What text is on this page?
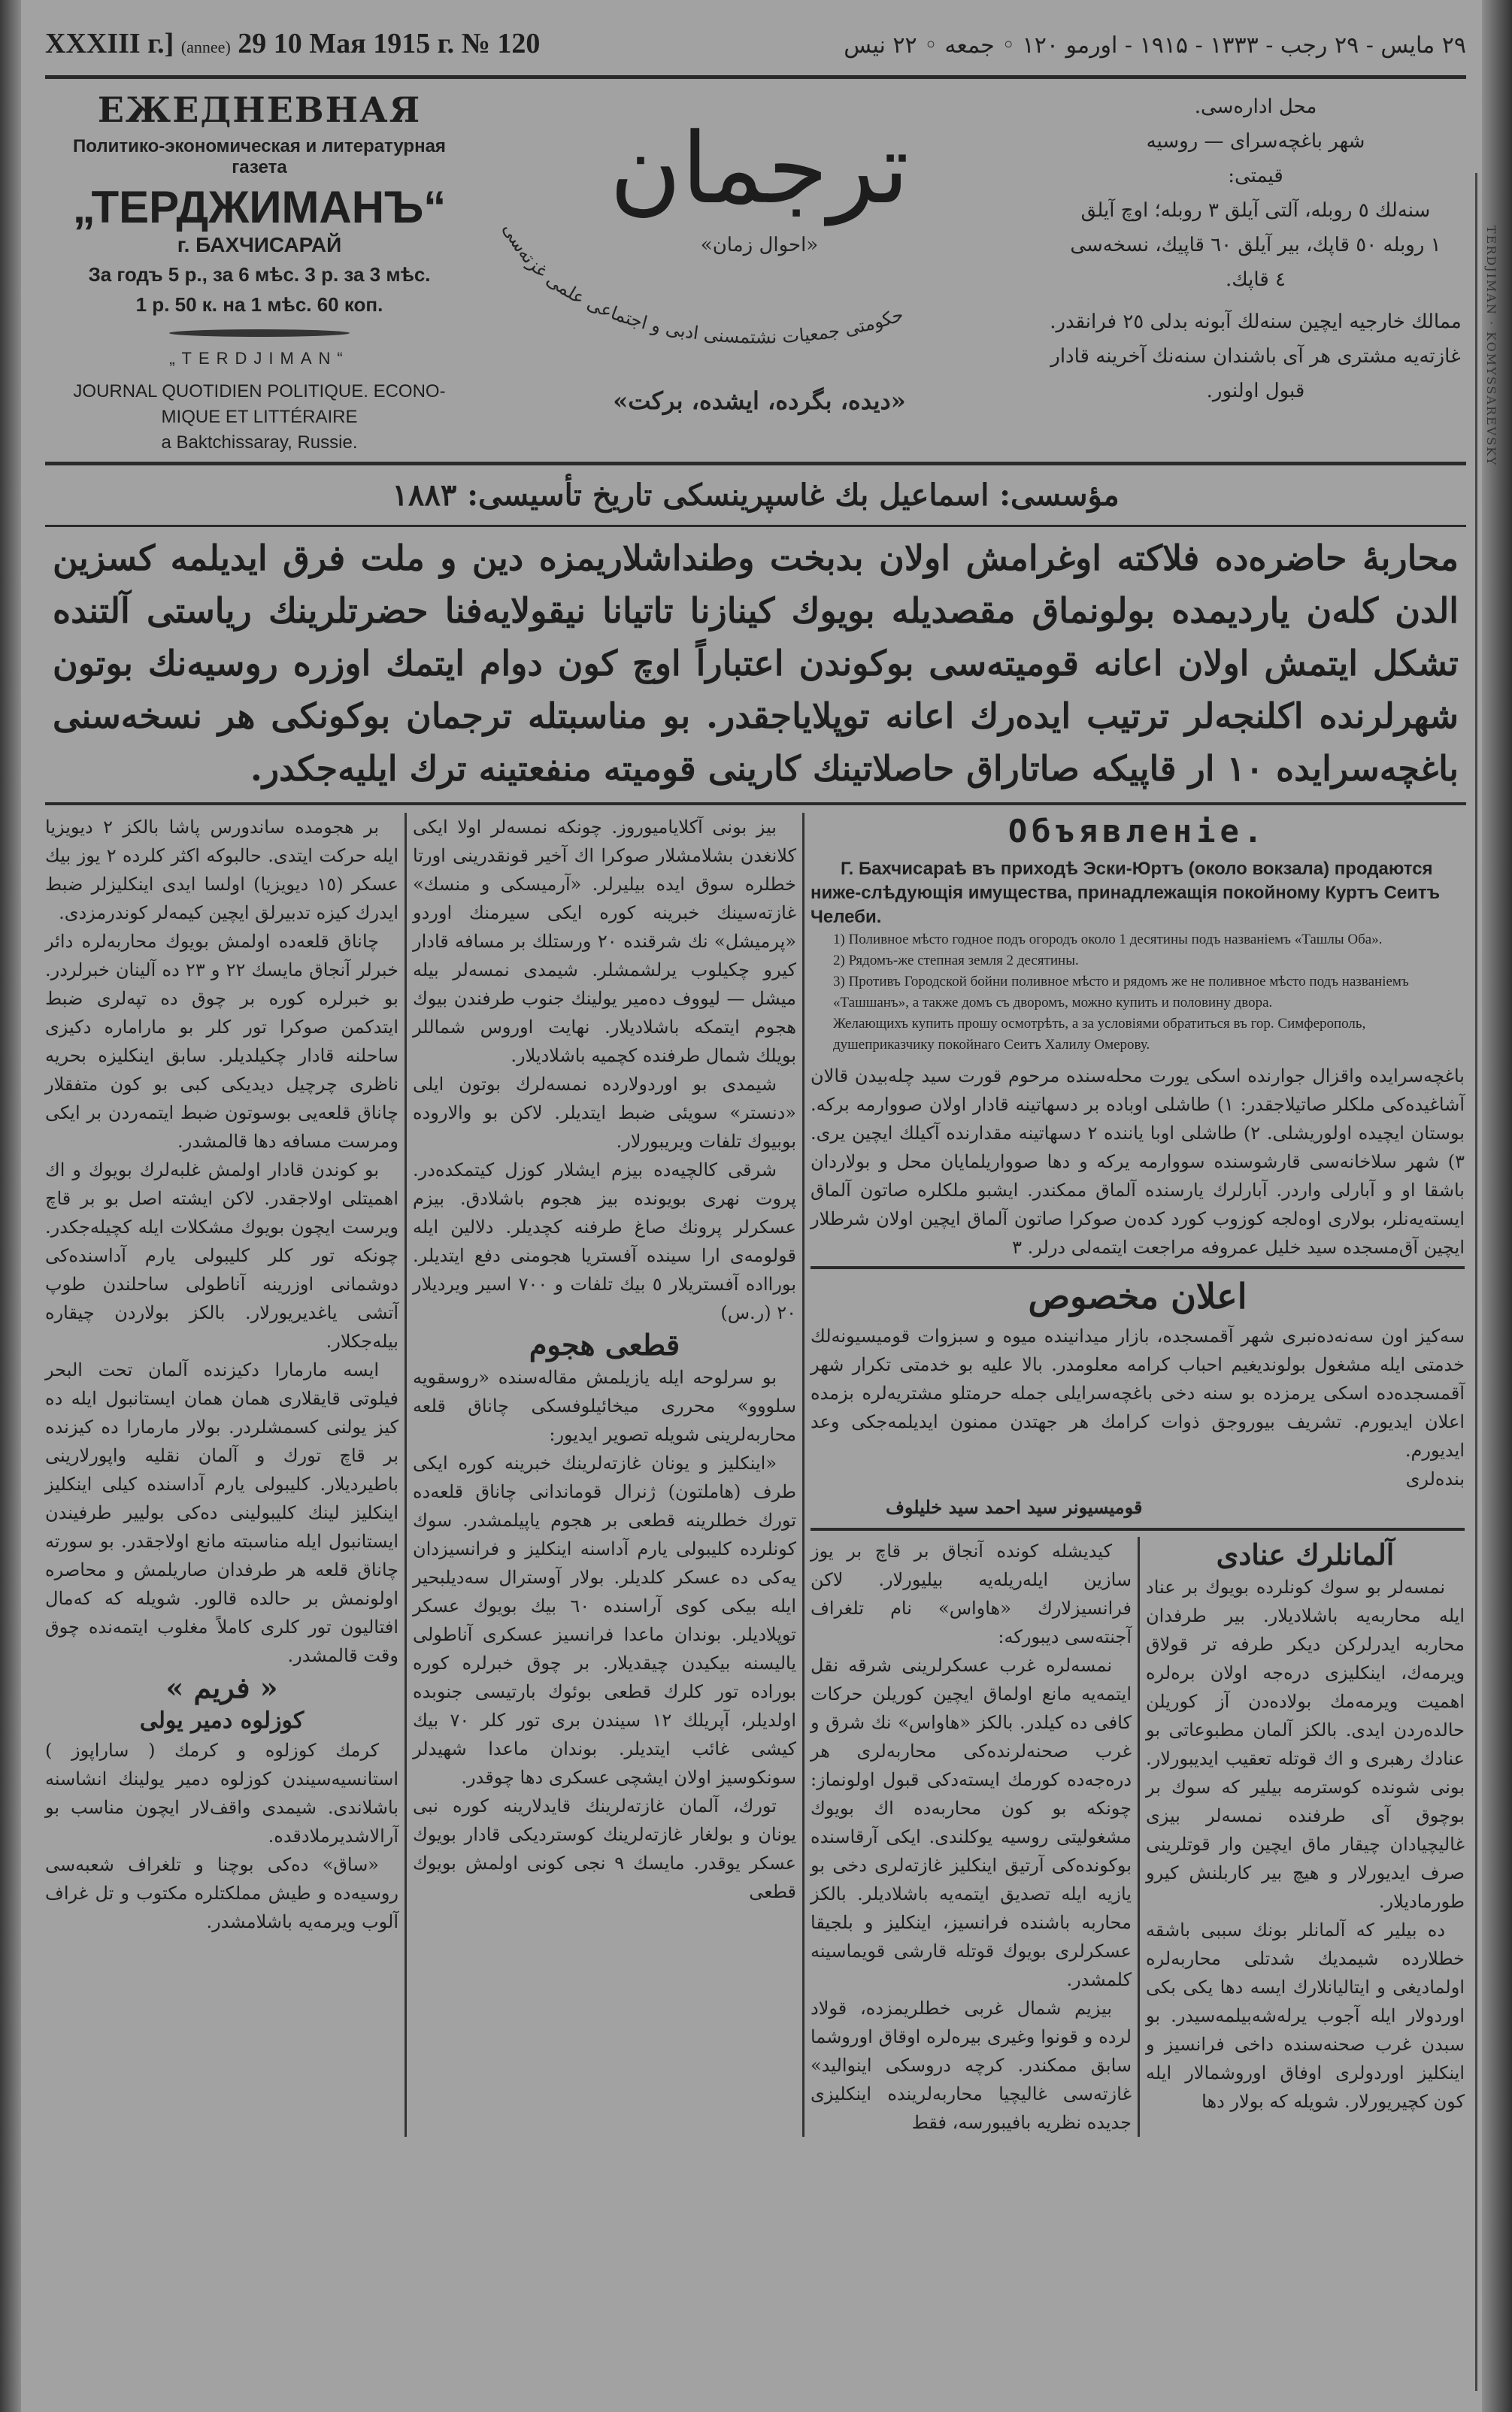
TERDJIMAN · KOMYSSAREVSKY
XXXIII г.] (annee) 29 10 Мая 1915 г. № 120	۲۹ مايس - ۲۹ رجب - ۱۳۳۳ - ۱۹۱۵ - اورمو ۱۲۰ ◦ جمعه ◦ ۲۲ نيس
ЕЖЕДНЕВНАЯ
Политико-экономическая и литературная газета
„ТЕРДЖИМАНЪ“
г. БАХЧИСАРАЙ
За годъ 5 р., за 6 мѣс. 3 р. за 3 мѣс.
1 р. 50 к. на 1 мѣс. 60 коп.
„TERDJIMAN“
JOURNAL QUOTIDIEN POLITIQUE. ECONO-
MIQUE ET LITTÉRAIRE
a Baktchissaray, Russie.
ترجمان
«احوال زمان»
حكومتی جمعیات نشتمسنی ادبی و اجتماعی علمی غزته‌سی
«ديده، بگرده، ايشده، بركت»
محل اداره‌سی.
شهر باغچه‌سرای — روسيه
قيمتی:
سنه‌لك ٥ روبله، آلتی آيلق ٣ روبله؛ اوچ آيلق
١ روبله ٥٠ قاپك، بير آيلق ٦٠ قاپيك، نسخه‌سی
٤ قاپك.
ممالك خارجيه ايچين سنه‌لك آبونه بدلی ٢٥ فرانقدر.
غازته‌يه مشتری هر آی باشندان سنه‌نك آخرينه قادار
قبول اولنور.
مؤسسی: اسماعيل بك غاسپرينسكی تاريخ تأسيسی: ١٨٨٣
محاربهٔ حاضره‌ده فلاكته اوغرامش اولان بدبخت وطنداشلاريمزه دين و ملت فرق ايديلمه كسزين الدن كله‌ن ياردیمده بولونماق مقصديله بويوك كينازنا تاتيانا نيقولايه‌فنا حضرتلرينك رياستی آلتنده تشكل ايتمش اولان اعانه قوميته‌سی بوكوندن اعتباراً اوچ كون دوام ايتمك اوزره روسيه‌نك بوتون شهرلرنده اكلنجه‌لر ترتيب ايده‌رك اعانه توپلاياجقدر. بو مناسبتله ترجمان بوكونكی هر نسخه‌سنی باغچه‌سرايده ١٠ ار قاپيكه صاتاراق حاصلاتينك كارينی قوميته منفعتينه ترك ايليه‌جكدر.

بر هجومده ساندورس پاشا بالكز ٢ ديويزيا ايله حركت ايتدی. حالبوكه اكثر كلرده ٢ يوز بيك عسكر (١٥ ديويزيا) اولسا ايدی اينكليزلر ضبط ايدرك كيزه تدبيرلق ايچين كيمه‌لر كوندرمزدی.

چاناق قلعه‌ده اولمش بويوك محاربه‌لره دائر خبرلر آنجاق مايسك ٢٢ و ٢٣ ده آلينان خبرلردر. بو خبرلره كوره بر چوق ده تپه‌لری ضبط ايتدكمن صوكرا تور كلر بو ماراماره دكيزی ساحلنه قادار چكيلديلر. سابق اينكليزه بحريه ناظری چرچيل ديديكی كبی بو كون متفقلار چاناق قلعه‌يی بوسوتون ضبط ايتمه‌ردن بر ايكی ومرست مسافه دها قالمشدر.

بو كوندن قادار اولمش غلبه‌لرك بويوك و اك اهميتلی اولاجقدر. لاكن ايشته اصل بو بر قاچ ويرست ايچون بويوك مشكلات ايله كچيله‌جكدر. چونكه تور كلر كليبولی يارم آداسنده‌كی دوشمانی اوزرينه آناطولی ساحلندن طوپ آتشی ياغديريورلار. بالكز بولاردن چيقاره بيله‌جكلار.

ايسه مارمارا دكيزنده آلمان تحت البحر فيلوتی قايقلاری همان همان ايستانبول ايله ده كيز يولنی كسمشلردر. بولار مارمارا ده كيزنده بر قاچ تورك و آلمان نقليه واپورلارينی باطيرديلار. كليبولی يارم آداسنده كيلی اينكليز اينكليز لينك كليبولينی ده‌كی بوليير طرفيندن ايستانبول ايله مناسبته مانع اولاجقدر. بو سورته چاناق قلعه هر طرفدان صاريلمش و محاصره اولونمش بر حالده قالور. شويله كه كه‌مال افتاليون تور كلری كاملاً مغلوب ايتمه‌نده چوق وقت قالمشدر.

« فريم »

كوزلوه دمير يولی

كرمك كوزلوه و كرمك ( ساراپوز ) استانسيه‌سيندن كوزلوه دمير يولينك انشاسنه باشلاندی. شيمدی واقف‌لار ايچون مناسب بو آرالاشديرملادقده.

«ساق» ده‌كی بوچنا و تلغراف شعبه‌سی روسيه‌ده و طيش مملكتلره مكتوب و تل غراف آلوب ويرمه‌يه باشلامشدر.

بيز بونی آكلاياميوروز. چونكه نمسه‌لر اولا ايكی كلانغدن بشلامشلار صوكرا اك آخير قونقدرينی اورتا خطلره سوق ايده بيليرلر. «آرميسكی و منسك» غازته‌سينك خبرينه كوره ايكی سيرمنك اوردو «پرميشل» نك شرقنده ٢٠ ورستلك بر مسافه قادار كيرو چكيلوب يرلشمشلر. شيمدی نمسه‌لر بيله ميشل — ليووف ده‌مير يولينك جنوب طرفندن بيوك هجوم ايتمكه باشلاديلار. نهايت اوروس شماللر بويلك شمال طرفنده كچميه باشلاديلار.

شيمدی بو اوردولارده نمسه‌لرك بوتون ايلی «دنستر» سويئی ضبط ايتديلر. لاكن بو والاروده بوبيوك تلفات ويريبورلار.

شرقی كالچيه‌ده بيزم ايشلار كوزل كيتمكده‌در. پروت نهری بويونده بيز هجوم باشلادق. بيزم عسكرلر پرونك صاغ طرفنه كچديلر. دلالين ايله قولومه‌ی ارا سينده آفستريا هجومنی دفع ايتديلر. بورااده آفستريلار ٥ بيك تلفات و ٧٠٠ اسير ويرديلار ٢٠ (ر.س)

قطعی هجوم

بو سرلوحه ايله يازيلمش مقاله‌سنده «روسقويه سلووو» محرری ميخائيلوفسكی چاناق قلعه محاربه‌لرينی شويله تصوير ايديور:

«اينكليز و يونان غازته‌لرينك خبرينه كوره ايكی طرف (هاملتون) ژنرال قوماندانی چاناق قلعه‌ده تورك خطلرينه قطعی بر هجوم ياپيلمشدر. سوك كونلرده كليبولی يارم آداسنه اينكليز و فرانسيزدان يه‌كی ده عسكر كلديلر. بولار آوسترال سه‌ديلبحير ايله بيكی كوی آراسنده ٦٠ بيك بويوك عسكر توپلاديلر. بوندان ماعدا فرانسيز عسكری آناطولی ياليسنه بيكيدن چيقديلار. بر چوق خبرلره كوره بوراده تور كلرك قطعی بوئوك بارتيسی جنوبده اولديلر، آپريلك ١٢ سيندن بری تور كلر ٧٠ بيك كيشی غائب ايتديلر. بوندان ماعدا شهيدلر سونكوسيز اولان ايشچی عسكری دها چوقدر.

تورك، آلمان غازته‌لرينك قايدلارينه كوره نبی يونان و بولغار غازته‌لرينك كوسترديكی قادار بويوك عسكر يوقدر. مايسك ٩ نجی كونی اولمش بويوك قطعی

Объявленіе.
Г. Бахчисараѣ въ приходѣ Эски-Юртъ (около вокзала) продаются ниже-слѣдующія имущества, принадлежащія покойному Куртъ Сеитъ Челеби.
1) Поливное мѣсто годное подъ огородъ около 1 десятины подъ названіемъ «Ташлы Оба».
2) Рядомъ-же степная земля 2 десятины.
3) Противъ Городской бойни поливное мѣсто и рядомъ же не поливное мѣсто подъ названіемъ «Ташшанъ», а также домъ съ дворомъ, можно купить и половину двора.
Желающихъ купить прошу осмотрѣть, а за условіями обратиться въ гор. Симферополь, душеприказчику покойнаго Сеитъ Халилу Омерову.
باغچه‌سرايده واقزال جوارنده اسكی يورت محله‌سنده مرحوم قورت سيد چله‌بيدن قالان آشاغيده‌كی ملكلر صاتيلاجقدر: ١) طاشلی اوباده بر دسهاتينه قادار اولان صووارمه بركه. بوستان ايچيده اولوريشلی. ٢) طاشلی اوبا ياننده ٢ دسهاتينه مقدارنده آكيلك ايچين يری. ٣) شهر سلاخانه‌سی قارشوسنده سووارمه يركه و دها صوواريلمايان محل و بولاردان باشقا او و آبارلی واردر. آبارلرك يارسنده آلماق ممكندر. ايشبو ملكلره صاتون آلماق ايسته‌يه‌نلر، بولاری اوه‌لجه كوزوب كورد كده‌ن صوكرا صاتون آلماق ايچين اولان شرطلار ايچين آق‌مسجده سيد خليل عمروفه مراجعت ايتمه‌لی درلر. ٣
اعلان مخصوص
سه‌كيز اون سه‌نه‌ده‌نبری شهر آقمسجده، بازار ميدانينده ميوه و سبزوات قوميسيونه‌لك خدمتی ايله مشغول بولونديغيم احباب كرامه معلومدر. بالا عليه بو خدمتی تكرار شهر آقمسجده‌ده اسكی يرمزده بو سنه دخی باغچه‌سرايلی جمله حرمتلو مشتريه‌لره بزمده اعلان ايديورم. تشريف بيوروجق ذوات كرامك هر جهتدن ممنون ايديلمه‌جكی وعد ايديورم.
بنده‌لری
قوميسيونر سيد احمد سيد خليلوف

كيديشله كونده آنجاق بر قاچ بر يوز سازين ايله‌ريله‌يه بيليورلار. لاكن فرانسيزلارك «هاواس» نام تلغراف آجنته‌سی ديبوركه:

نمسه‌لره غرب عسكرلرينی شرقه نقل ايتمه‌يه مانع اولماق ايچين كوريلن حركات كافی ده كيلدر. بالكز «هاواس» نك شرق و غرب صحنه‌لرنده‌كی محاربه‌لری هر دره‌جه‌ده كورمك ايسته‌دكی قبول اولونماز: چونكه بو كون محاربه‌ده اك بويوك مشغوليتی روسيه يوكلندی. ايكی آرقاسنده بوكونده‌كی آرتيق اينكليز غازته‌لری دخی بو يازيه ايله تصديق ايتمه‌يه باشلاديلر. بالكز محاربه باشنده فرانسيز، اينكليز و بلجيقا عسكرلری بويوك قوتله قارشی قويماسينه كلمشدر.

بيزيم شمال غربی خطلريمزده، قولاد لرده و قونوا وغيری بيره‌لره اوقاق اوروشما سابق ممكندر. كرچه دروسكی اينوالید» غازته‌سی غاليچيا محاربه‌لرينده اينكليزی جديده نظريه بافيبورسه، فقط

آلمانلرك عنادی

نمسه‌لر بو سوك كونلرده بويوك بر عناد ايله محاربه‌يه باشلاديلار. بير طرفدان محاربه ايدرلركن ديكر طرفه تر قولاق ويرمه‌ك، اينكليزی دره‌جه اولان بره‌لره اهميت ويرمه‌مك بولاده‌دن آز كوريلن حالده‌ردن ايدی. بالكز آلمان مطبوعاتی بو عنادك رهبری و اك قوتله تعقيب ايديبورلار. بونی شونده كوسترمه بيلير كه سوك بر بوچوق آی طرفنده نمسه‌لر بيزی غاليچيادان چيقار ماق ايچين وار قوتلرينی صرف ايديورلار و هيچ بير كاربلنش كيرو طورماديلار.

ده بيلير كه آلمانلر بونك سببی باشقه خطلارده شيمديك شدتلی محاربه‌لره اولماديغی و ايتاليانلارك ايسه دها يكی بكی اوردولار ايله آجوب يرله‌شه‌بيلمه‌سيدر. بو سبدن غرب صحنه‌سنده داخی فرانسيز و اينكليز اوردولری اوفاق اوروشمالار ايله كون كچيريورلار. شويله كه بولار دها
